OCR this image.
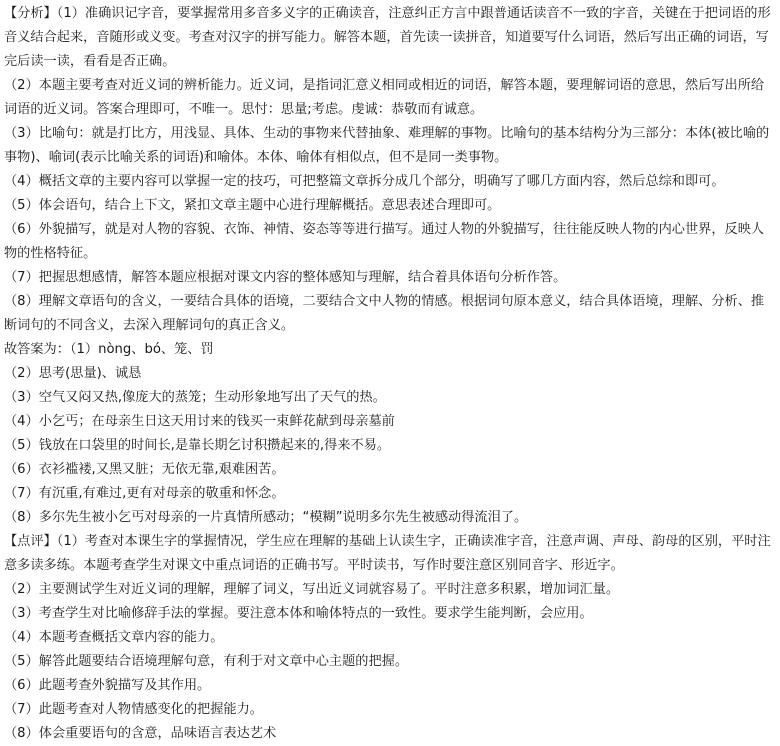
【分析】（1）准确识记字音，要掌握常用多音多义字的正确读音，注意纠正方言中跟普通话读音不一致的字音，关键在于把词语的形音义结合起来，音随形或义变。考查对汉字的拼写能力。解答本题，首先读一读拼音，知道要写什么词语，然后写出正确的词语，写完后读一读，看看是否正确。

（2）本题主要考查对近义词的辨析能力。近义词，是指词汇意义相同或相近的词语，解答本题，要理解词语的意思，然后写出所给词语的近义词。答案合理即可，不唯一。思忖：思量;考虑。虔诚：恭敬而有诚意。

（3）比喻句：就是打比方，用浅显、具体、生动的事物来代替抽象、难理解的事物。比喻句的基本结构分为三部分：本体(被比喻的事物)、喻词(表示比喻关系的词语)和喻体。本体、喻体有相似点，但不是同一类事物。

（4）概括文章的主要内容可以掌握一定的技巧，可把整篇文章拆分成几个部分，明确写了哪几方面内容，然后总综和即可。

（5）体会语句，结合上下文，紧扣文章主题中心进行理解概括。意思表述合理即可。

（6）外貌描写，就是对人物的容貌、衣饰、神情、姿态等等进行描写。通过人物的外貌描写，往往能反映人物的内心世界，反映人物的性格特征。

（7）把握思想感情，解答本题应根据对课文内容的整体感知与理解，结合着具体语句分析作答。

（8）理解文章语句的含义，一要结合具体的语境，二要结合文中人物的情感。根据词句原本意义，结合具体语境，理解、分析、推断词句的不同含义，去深入理解词句的真正含义。

故答案为：（1）nòng、bó、笼、罚

（2）思考(思量)、诚恳

（3）空气又闷又热,像庞大的蒸笼；生动形象地写出了天气的热。

（4）小乞丐；在母亲生日这天用讨来的钱买一束鲜花献到母亲墓前

（5）钱放在口袋里的时间长,是靠长期乞讨积攒起来的,得来不易。

（6）衣衫褴褛,又黑又脏；无依无靠,艰难困苦。

（7）有沉重,有难过,更有对母亲的敬重和怀念。

（8）多尔先生被小乞丐对母亲的一片真情所感动；“模糊”说明多尔先生被感动得流泪了。

【点评】（1）考查对本课生字的掌握情况，学生应在理解的基础上认读生字，正确读准字音，注意声调、声母、韵母的区别，平时注意多读多练。本题考查学生对课文中重点词语的正确书写。平时读书，写作时要注意区别同音字、形近字。

（2）主要测试学生对近义词的理解，理解了词义，写出近义词就容易了。平时注意多积累，增加词汇量。

（3）考查学生对比喻修辞手法的掌握。要注意本体和喻体特点的一致性。要求学生能判断，会应用。

（4）本题考查概括文章内容的能力。

（5）解答此题要结合语境理解句意，有利于对文章中心主题的把握。

（6）此题考查外貌描写及其作用。

（7）此题考查对人物情感变化的把握能力。

（8）体会重要语句的含意，品味语言表达艺术
